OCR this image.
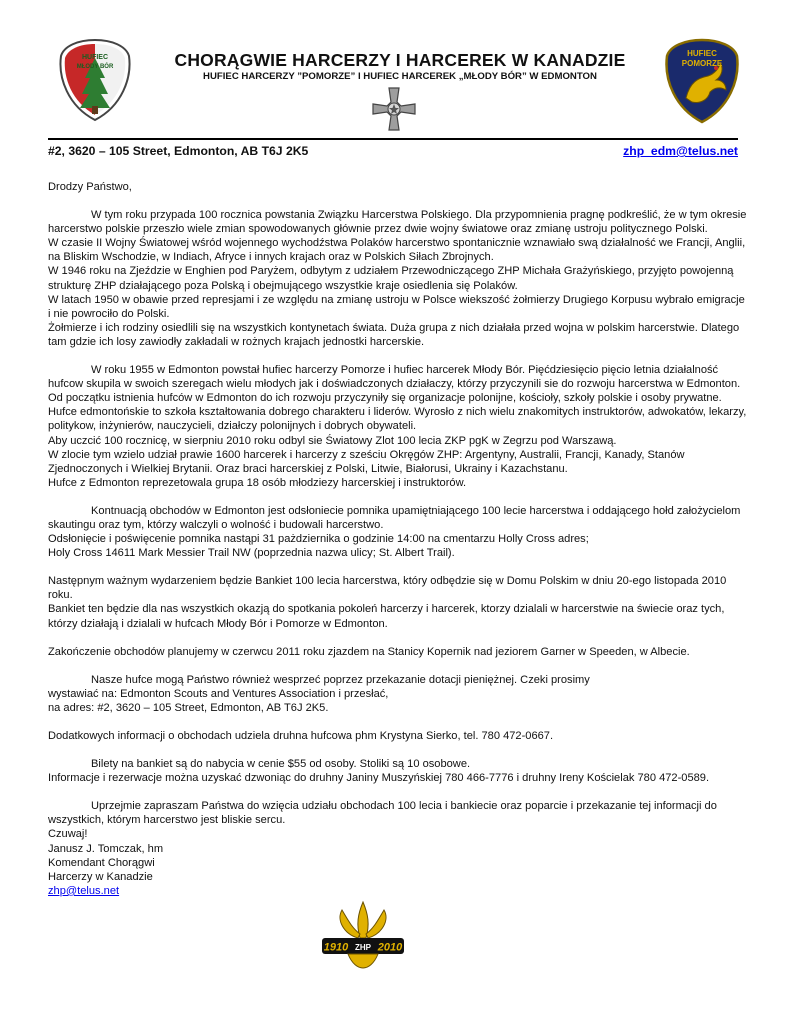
HUFIEC
MŁODY BÓR	CHORĄGWIE HARCERZY I HARCEREK W KANADZIE
HUFIEC HARCERZY ”POMORZE” I HUFIEC HARCEREK „MŁODY BÓR” W EDMONTON
HUFIEC
POMORZE
#2, 3620 – 105 Street, Edmonton, AB T6J 2K5	zhp_edm@telus.net

Drodzy Państwo,

W tym roku przypada 100 rocznica powstania Związku Harcerstwa Polskiego. Dla przypomnienia pragnę podkreślić, że w tym okresie harcerstwo polskie przeszło wiele zmian spowodowanych głównie przez dwie wojny światowe oraz zmianę ustroju politycznego Polski.

W czasie II Wojny Światowej wśród wojennego wychodźstwa Polaków harcerstwo spontanicznie wznawiało swą działalność we Francji, Anglii, na Bliskim Wschodzie, w Indiach, Afryce i innych krajach oraz w Polskich Siłach Zbrojnych.

W 1946 roku na Zjeździe w Enghien pod Paryżem, odbytym z udziałem Przewodniczącego ZHP Michała Grażyńskiego, przyjęto powojenną strukturę ZHP działającego poza Polską i obejmującego wszystkie kraje osiedlenia się Polaków.

W latach 1950 w obawie przed represjami i ze względu na zmianę ustroju w Polsce wiekszość żołmierzy Drugiego Korpusu wybrało emigracje i nie powrociło do Polski.

Żołmierze i ich rodziny osiedlili się na wszystkich kontynetach świata. Duża grupa z nich działała przed wojna w polskim harcerstwie. Dlatego tam gdzie ich losy zawiodły zakładali w rożnych krajach jednostki harcerskie.

W roku 1955 w Edmonton powstał hufiec harcerzy Pomorze i hufiec harcerek Młody Bór. Pięćdziesięcio pięcio letnia działalność hufcow skupila w swoich szeregach wielu młodych jak i doświadczonych działaczy, którzy przyczynili sie do rozwoju harcerstwa w Edmonton.

Od początku istnienia hufców w Edmonton do ich rozwoju przyczyniły się organizacje polonijne, kościoły, szkoły polskie i osoby prywatne.

Hufce edmontońskie to szkoła kształtowania dobrego charakteru i liderów. Wyrosło z nich wielu znakomitych instruktorów, adwokatów, lekarzy, politykow, inżynierów, nauczycieli, działczy polonijnych i dobrych obywateli.

Aby uczcić 100 rocznicę, w sierpniu 2010 roku odbyl sie Światowy Zlot 100 lecia ZKP pgK w Zegrzu pod Warszawą.

W zlocie tym wzielo udział prawie 1600 harcerek i harcerzy z sześciu Okręgów ZHP: Argentyny, Australii, Francji, Kanady, Stanów Zjednoczonych i Wielkiej Brytanii. Oraz braci harcerskiej z Polski, Litwie, Białorusi, Ukrainy i Kazachstanu.

Hufce z Edmonton reprezetowala grupa 18 osób młodziezy harcerskiej i instruktorów.

Kontnuacją obchodów w Edmonton jest odsłoniecie pomnika upamiętniającego 100 lecie harcerstwa i oddającego hołd założycielom skautingu oraz tym, którzy walczyli o wolność i budowali harcerstwo.

Odsłonięcie i poświęcenie pomnika nastąpi 31 pażdziernika o godzinie 14:00 na cmentarzu Holly Cross adres;

Holy Cross 14611 Mark Messier Trail NW (poprzednia nazwa ulicy; St. Albert Trail).

Następnym ważnym wydarzeniem będzie Bankiet 100 lecia harcerstwa, który odbędzie się w Domu Polskim w dniu 20-ego listopada 2010 roku.

Bankiet ten będzie dla nas wszystkich okazją do spotkania pokoleń harcerzy i harcerek, ktorzy dzialali w harcerstwie na świecie oraz tych, którzy działają i dzialali w hufcach Młody Bór i Pomorze w Edmonton.

Zakończenie obchodów planujemy w czerwcu 2011 roku zjazdem na Stanicy Kopernik nad jeziorem Garner w Speeden, w Albecie.

Nasze hufce mogą Państwo również wesprzeć poprzez przekazanie dotacji pieniężnej. Czeki prosimy

wystawiać na: Edmonton Scouts and Ventures Association i przesłać,

na adres: #2, 3620 – 105 Street, Edmonton, AB T6J 2K5.

Dodatkowych informacji o obchodach udziela druhna hufcowa phm Krystyna Sierko, tel. 780 472-0667.

Bilety na bankiet są do nabycia w cenie $55 od osoby. Stoliki są 10 osobowe.

Informacje i rezerwacje można uzyskać dzwoniąc do druhny Janiny Muszyńskiej 780 466-7776 i druhny Ireny Kościelak 780 472-0589.

Uprzejmie zapraszam Państwa do wzięcia udziału obchodach 100 lecia i bankiecie oraz poparcie i przekazanie tej informacji do wszystkich, którym harcerstwo jest bliskie sercu.

Czuwaj!

Janusz J. Tomczak, hm

Komendant Chorągwi

Harcerzy w Kanadzie

zhp@telus.net

1910 ZHP 2010
